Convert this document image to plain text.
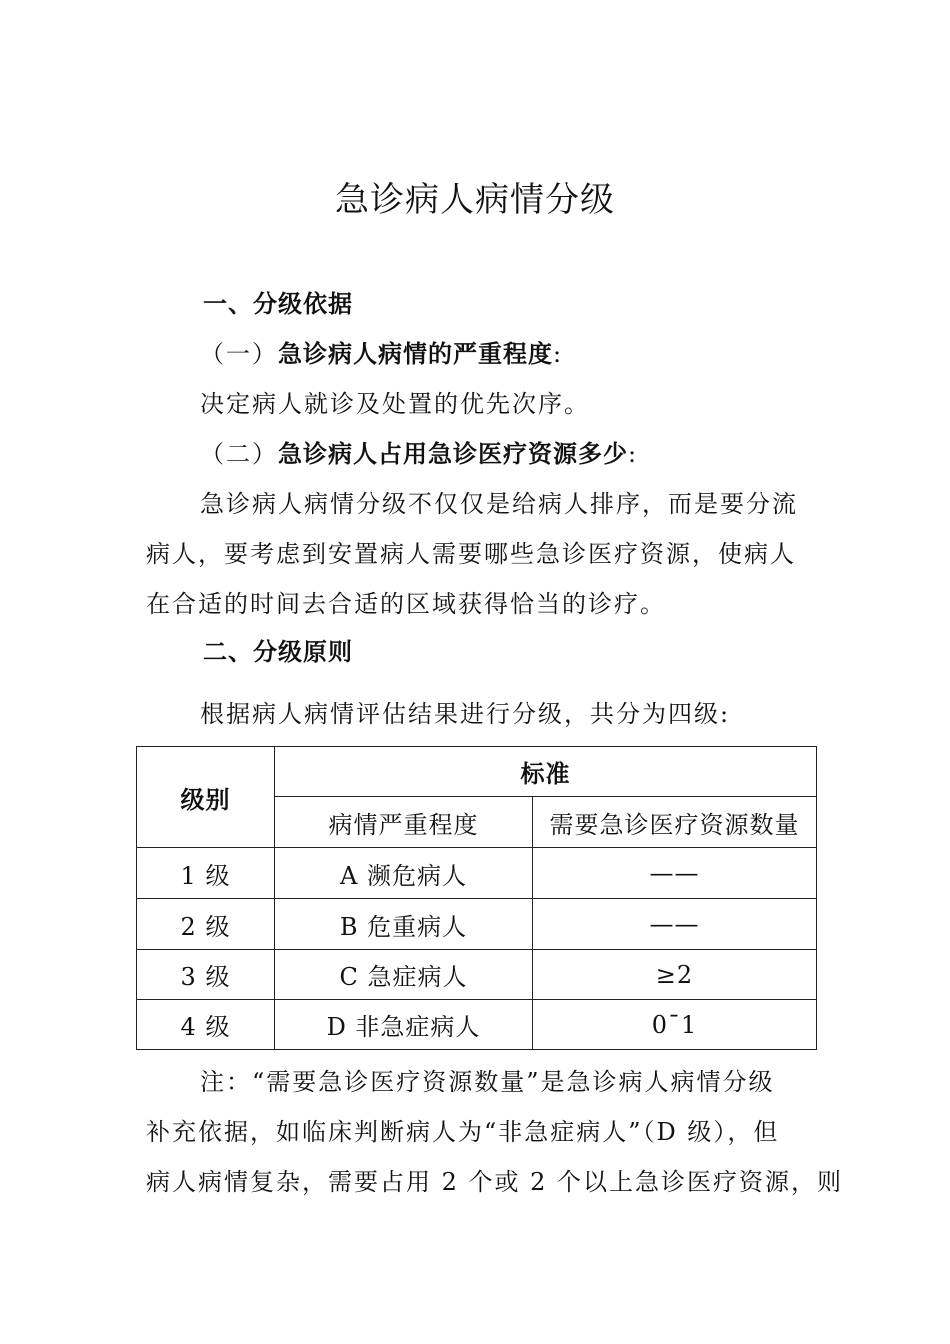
急诊病人病情分级
一、分级依据
（一）急诊病人病情的严重程度:
决定病人就诊及处置的优先次序。
（二）急诊病人占用急诊医疗资源多少:
急诊病人病情分级不仅仅是给病人排序，而是要分流
病人，要考虑到安置病人需要哪些急诊医疗资源，使病人
在合适的时间去合适的区域获得恰当的诊疗。
二、分级原则
根据病人病情评估结果进行分级，共分为四级:
级别	标准	
	病情严重程度	需要急诊医疗资源数量
1 级	A 濒危病人	——
2 级	B 危重病人	——
3 级	C 急症病人	≥2
4 级	D 非急症病人	0¯1
注：“需要急诊医疗资源数量”是急诊病人病情分级
补充依据，如临床判断病人为“非急症病人”（D 级），但
病人病情复杂，需要占用 2 个或 2 个以上急诊医疗资源，则
